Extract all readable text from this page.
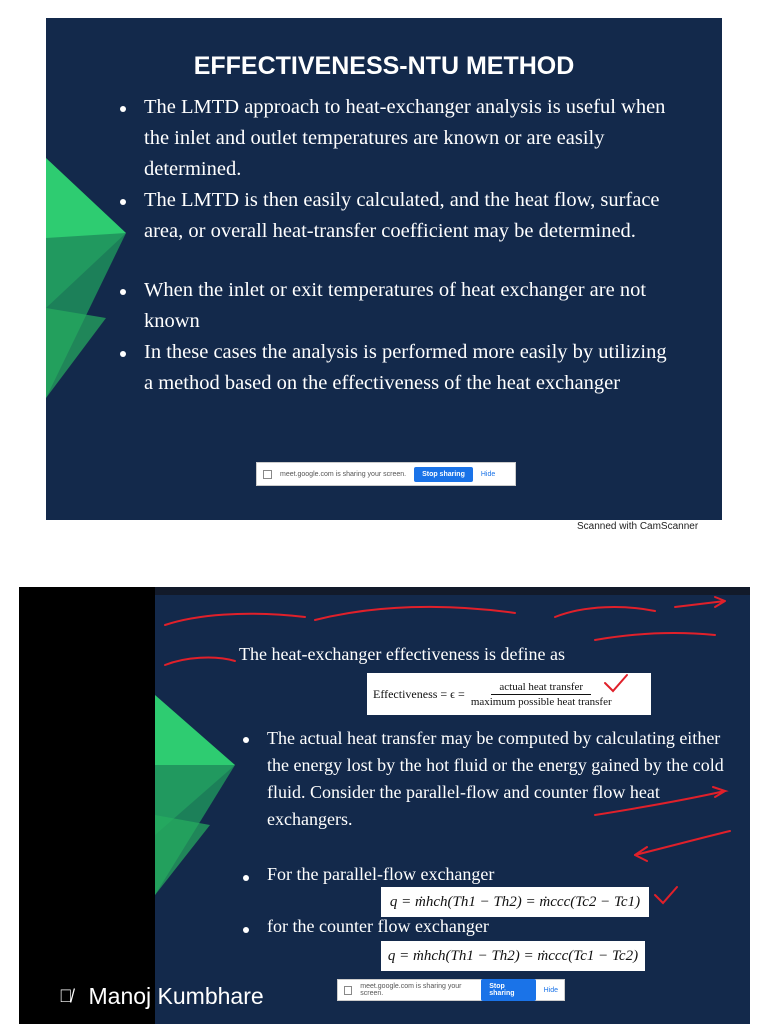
EFFECTIVENESS-NTU METHOD
The LMTD approach to heat-exchanger analysis is useful when the inlet and outlet temperatures are known or are easily determined.
The LMTD is then easily calculated, and the heat flow, surface area, or overall heat-transfer coefficient may be determined.
When the inlet or exit temperatures of heat exchanger are not known
In these cases the analysis is performed more easily by utilizing a method based on the effectiveness of the heat exchanger
meet.google.com is sharing your screen.	Stop sharing	Hide
Scanned with CamScanner
The heat-exchanger effectiveness is define as
Effectiveness = $\epsilon = \frac{\text{actual heat transfer}}{\text{maximum possible heat transfer}}$
The actual heat transfer may be computed by calculating either the energy lost by the hot fluid or the energy gained by the cold fluid. Consider the parallel-flow and counter flow heat exchangers.
For the parallel-flow exchanger
q = ṁhch(Th1 − Th2) = ṁccc(Tc2 − Tc1)
for the counter flow exchanger
q = ṁhch(Th1 − Th2) = ṁccc(Tc1 − Tc2)
🎙̸ Manoj Kumbhare	meet.google.com is sharing your screen.
Stop sharing	Hide
